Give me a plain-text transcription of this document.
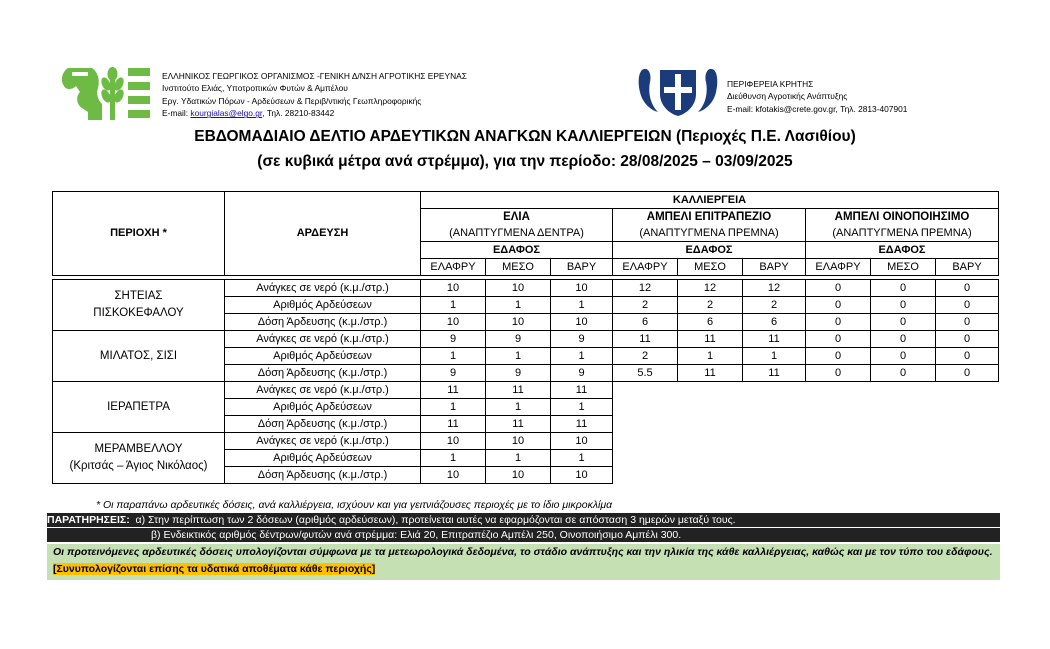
ΕΛΛΗΝΙΚΟΣ ΓΕΩΡΓΙΚΟΣ ΟΡΓΑΝΙΣΜΟΣ -ΓΕΝΙΚΗ Δ/ΝΣΗ ΑΓΡΟΤΙΚΗΣ ΕΡΕΥΝΑΣ
Ινστιτούτο Ελιάς, Υποτροπικών Φυτών & Αμπέλου
Εργ. Υδατικών Πόρων - Αρδεύσεων & Περιβ/ντικής Γεωπληροφορικής
E-mail: kourgialas@elgo.gr, Τηλ. 28210-83442
ΠΕΡΙΦΕΡΕΙΑ ΚΡΗΤΗΣ
Διεύθυνση Αγροτικής Ανάπτυξης
E-mail: kfotakis@crete.gov.gr, Τηλ. 2813-407901
ΕΒΔΟΜΑΔΙΑΙΟ ΔΕΛΤΙΟ ΑΡΔΕΥΤΙΚΩΝ ΑΝΑΓΚΩΝ ΚΑΛΛΙΕΡΓΕΙΩΝ (Περιοχές Π.Ε. Λασιθίου)
(σε κυβικά μέτρα ανά στρέμμα), για την περίοδο: 28/08/2025 – 03/09/2025
ΠΕΡΙΟΧΗ *	ΑΡΔΕΥΣΗ	ΚΑΛΛΙΕΡΓΕΙΑ								
		ΕΛΙΑ			ΑΜΠΕΛΙ ΕΠΙΤΡΑΠΕΖΙΟ			ΑΜΠΕΛΙ ΟΙΝΟΠΟΙΗΣΙΜΟ		
		(ΑΝΑΠΤΥΓΜΕΝΑ ΔΕΝΤΡΑ)			(ΑΝΑΠΤΥΓΜΕΝΑ ΠΡΕΜΝΑ)			(ΑΝΑΠΤΥΓΜΕΝΑ ΠΡΕΜΝΑ)		
		ΕΔΑΦΟΣ			ΕΔΑΦΟΣ			ΕΔΑΦΟΣ		
		ΕΛΑΦΡΥ	ΜΕΣΟ	ΒΑΡΥ	ΕΛΑΦΡΥ	ΜΕΣΟ	ΒΑΡΥ	ΕΛΑΦΡΥ	ΜΕΣΟ	ΒΑΡΥ

ΣΗΤΕΙΑΣ
ΠΙΣΚΟΚΕΦΑΛΟΥ	Ανάγκες σε νερό (κ.μ./στρ.)	10	10	10	12	12	12	0	0	0
	Αριθμός Αρδεύσεων	1	1	1	2	2	2	0	0	0
	Δόση Άρδευσης (κ.μ./στρ.)	10	10	10	6	6	6	0	0	0

ΜΙΛΑΤΟΣ, ΣΙΣΙ	Ανάγκες σε νερό (κ.μ./στρ.)	9	9	9	11	11	11	0	0	0
	Αριθμός Αρδεύσεων	1	1	1	2	1	1	0	0	0
	Δόση Άρδευσης (κ.μ./στρ.)	9	9	9	5.5	11	11	0	0	0

ΙΕΡΑΠΕΤΡΑ	Ανάγκες σε νερό (κ.μ./στρ.)	11	11	11						
	Αριθμός Αρδεύσεων	1	1	1						
	Δόση Άρδευσης (κ.μ./στρ.)	11	11	11						

ΜΕΡΑΜΒΕΛΛΟΥ
(Κριτσάς – Άγιος Νικόλαος)	Ανάγκες σε νερό (κ.μ./στρ.)	10	10	10						
	Αριθμός Αρδεύσεων	1	1	1						
	Δόση Άρδευσης (κ.μ./στρ.)	10	10	10						
* Οι παραπάνω αρδευτικές δόσεις, ανά καλλιέργεια, ισχύουν και για γειτνιάζουσες περιοχές με το ίδιο μικροκλίμα
ΠΑΡΑΤΗΡΗΣΕΙΣ:  α) Στην περίπτωση των 2 δόσεων (αριθμός αρδεύσεων), προτείνεται αυτές να εφαρμόζονται σε απόσταση 3 ημερών μεταξύ τους.
β) Ενδεικτικός αριθμός δέντρων/φυτών ανά στρέμμα: Ελιά 20, Επιτραπέζιο Αμπέλι 250, Οινοποιήσιμο Αμπέλι 300.
Οι προτεινόμενες αρδευτικές δόσεις υπολογίζονται σύμφωνα με τα μετεωρολογικά δεδομένα, το στάδιο ανάπτυξης και την ηλικία της κάθε καλλιέργειας, καθώς και με τον τύπο του εδάφους. [Συνυπολογίζονται επίσης τα υδατικά αποθέματα κάθε περιοχής]
